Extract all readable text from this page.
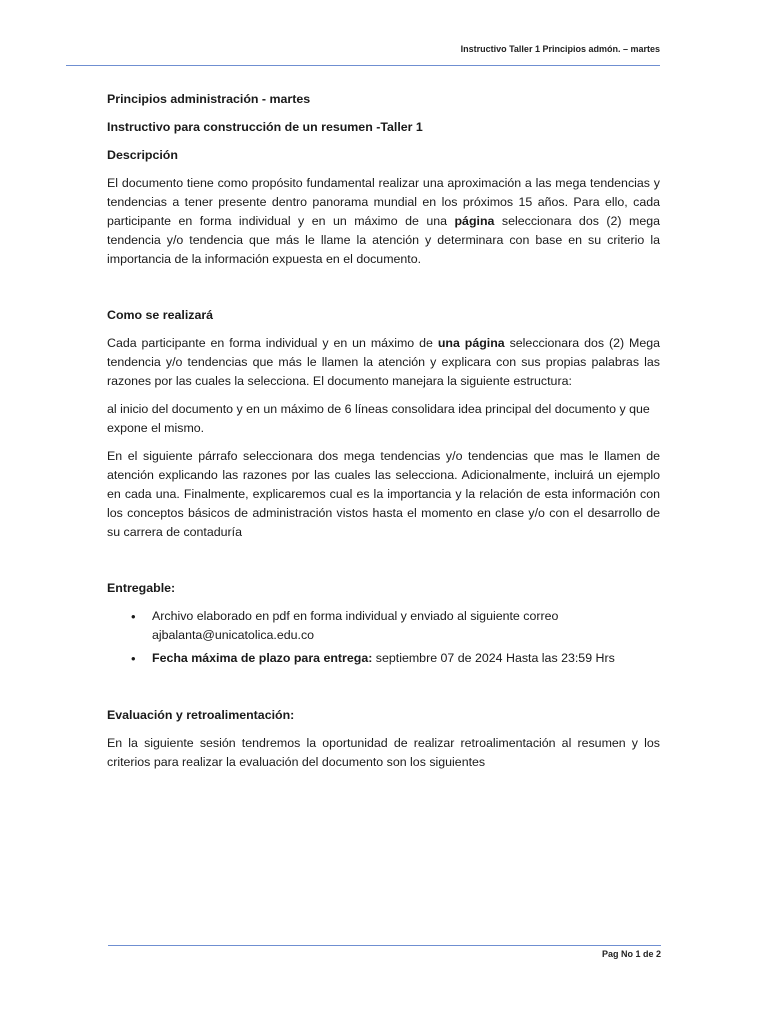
Instructivo Taller 1 Principios admón. – martes

Principios administración - martes

Instructivo para construcción de un resumen -Taller 1

Descripción

El documento tiene como propósito fundamental realizar una aproximación a las mega tendencias y tendencias a tener presente dentro panorama mundial en los próximos 15 años. Para ello, cada participante en forma individual y en un máximo de una página seleccionara dos (2) mega tendencia y/o tendencia que más le llame la atención y determinara con base en su criterio la importancia de la información expuesta en el documento.

Como se realizará

Cada participante en forma individual y en un máximo de una página seleccionara dos (2) Mega tendencia y/o tendencias que más le llamen la atención y explicara con sus propias palabras las razones por las cuales la selecciona. El documento manejara la siguiente estructura:

al inicio del documento y en un máximo de 6 líneas consolidara idea principal del documento y que expone el mismo.

En el siguiente párrafo seleccionara dos mega tendencias y/o tendencias que mas le llamen de atención explicando las razones por las cuales las selecciona. Adicionalmente, incluirá un ejemplo en cada una. Finalmente, explicaremos cual es la importancia y la relación de esta información con los conceptos básicos de administración vistos hasta el momento en clase y/o con el desarrollo de su carrera de contaduría

Entregable:

• Archivo elaborado en pdf en forma individual y enviado al siguiente correo ajbalanta@unicatolica.edu.co
• Fecha máxima de plazo para entrega: septiembre 07 de 2024 Hasta las 23:59 Hrs

Evaluación y retroalimentación:

En la siguiente sesión tendremos la oportunidad de realizar retroalimentación al resumen y los criterios para realizar la evaluación del documento son los siguientes

Pag No 1 de 2
